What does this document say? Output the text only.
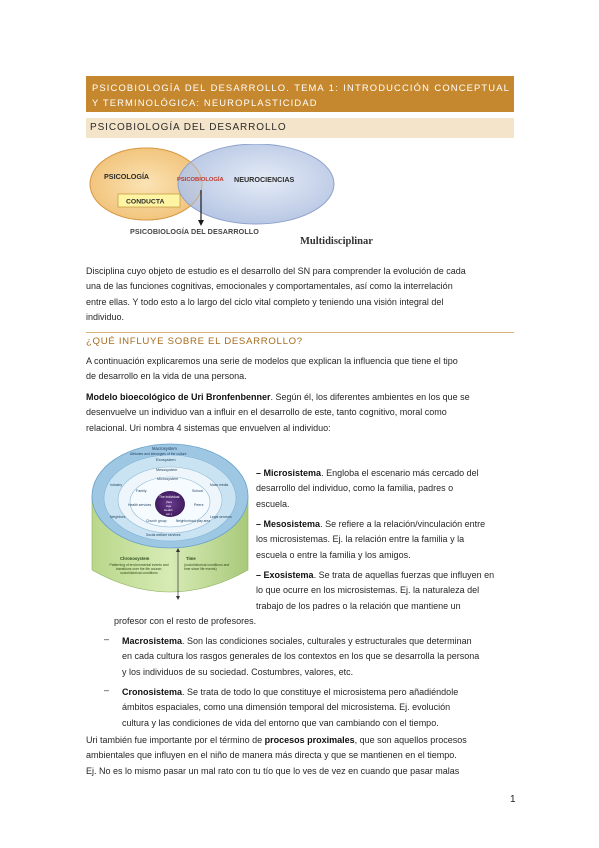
PSICOBIOLOGÍA DEL DESARROLLO. TEMA 1: INTRODUCCIÓN CONCEPTUAL Y TERMINOLÓGICA: NEUROPLASTICIDAD
PSICOBIOLOGÍA DEL DESARROLLO
PSICOLOGÍA	PSICOBIOLOGÍA NEUROCIENCIAS
CONDUCTA
PSICOBIOLOGÍA DEL DESARROLLO
Multidisciplinar
Disciplina cuyo objeto de estudio es el desarrollo del SN para comprender la evolución de cada
una de las funciones cognitivas, emocionales y comportamentales, así como la interrelación
entre ellas. Y todo esto a lo largo del ciclo vital completo y teniendo una visión integral del
individuo.
¿QUÉ INFLUYE SOBRE EL DESARROLLO?
A continuación explicaremos una serie de modelos que explican la influencia que tiene el tipo
de desarrollo en la vida de una persona.
Modelo bioecológico de Uri Bronfenbenner. Según él, los diferentes ambientes en los que se
desenvuelve un individuo van a influir en el desarrollo de este, tanto cognitivo, moral como
relacional. Uri nombra 4 sistemas que envuelven al individuo:
Macrosystem
Attitudes and ideologies of the culture
Exosystem
Mesosystem
Microsystem
The individual
(Sex
Age
Health
etc.)
Family	School
Peers
Health services
Church group	Neighborhood play area
Industry	Mass media
Neighbors	Legal services
Social welfare services
Chronosystem
Patterning of environmental events and transitions over the life course; sociohistorical conditions
Time
(sociohistorical conditions and time since life events)
– Microsistema. Engloba el escenario más cercado del
desarrollo del individuo, como la familia, padres o
escuela.
– Mesosistema. Se refiere a la relación/vinculación entre
los microsistemas. Ej. la relación entre la familia y la
escuela o entre la familia y los amigos.
– Exosistema. Se trata de aquellas fuerzas que influyen en
lo que ocurre en los microsistemas. Ej. la naturaleza del
trabajo de los padres o la relación que mantiene un
profesor con el resto de profesores.
– Macrosistema. Son las condiciones sociales, culturales y estructurales que determinan
en cada cultura los rasgos generales de los contextos en los que se desarrolla la persona
y los individuos de su sociedad. Costumbres, valores, etc.
– Cronosistema. Se trata de todo lo que constituye el microsistema pero añadiéndole
ámbitos espaciales, como una dimensión temporal del microsistema. Ej. evolución
cultura y las condiciones de vida del entorno que van cambiando con el tiempo.
Uri también fue importante por el término de procesos proximales, que son aquellos procesos
ambientales que influyen en el niño de manera más directa y que se mantienen en el tiempo.
Ej. No es lo mismo pasar un mal rato con tu tío que lo ves de vez en cuando que pasar malas
1
